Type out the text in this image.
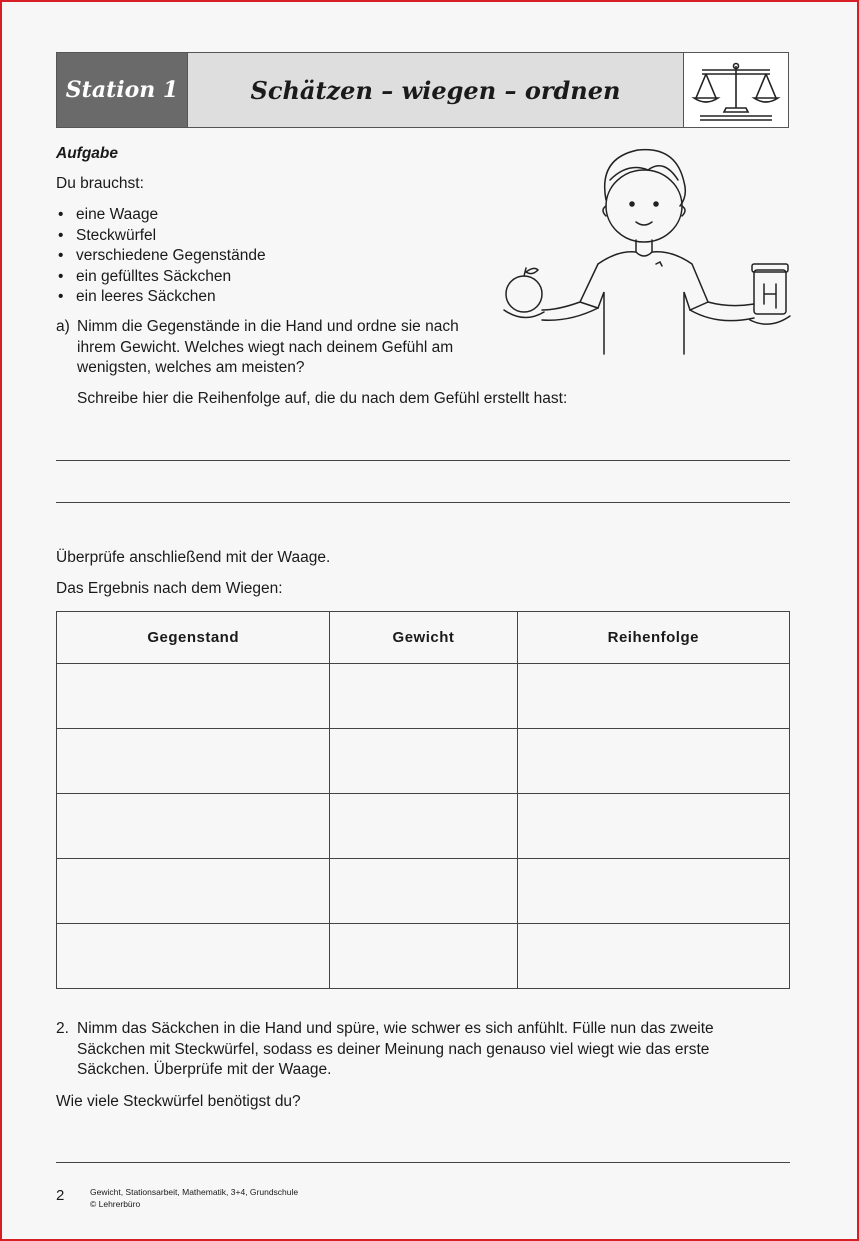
Station 1	Schätzen – wiegen – ordnen
Aufgabe
Du brauchst:
• eine Waage
• Steckwürfel
• verschiedene Gegenstände
• ein gefülltes Säckchen
• ein leeres Säckchen
a) Nimm die Gegenstände in die Hand und ordne sie nach
ihrem Gewicht. Welches wiegt nach deinem Gefühl am
wenigsten, welches am meisten?
Schreibe hier die Reihenfolge auf, die du nach dem Gefühl erstellt hast:
Überprüfe anschließend mit der Waage.
Das Ergebnis nach dem Wiegen:
Gegenstand	Gewicht	Reihenfolge

2. Nimm das Säckchen in die Hand und spüre, wie schwer es sich anfühlt. Fülle nun das zweite
Säckchen mit Steckwürfel, sodass es deiner Meinung nach genauso viel wiegt wie das erste
Säckchen. Überprüfe mit der Waage.
Wie viele Steckwürfel benötigst du?
2	Gewicht, Stationsarbeit, Mathematik, 3+4, Grundschule
© Lehrerbüro
